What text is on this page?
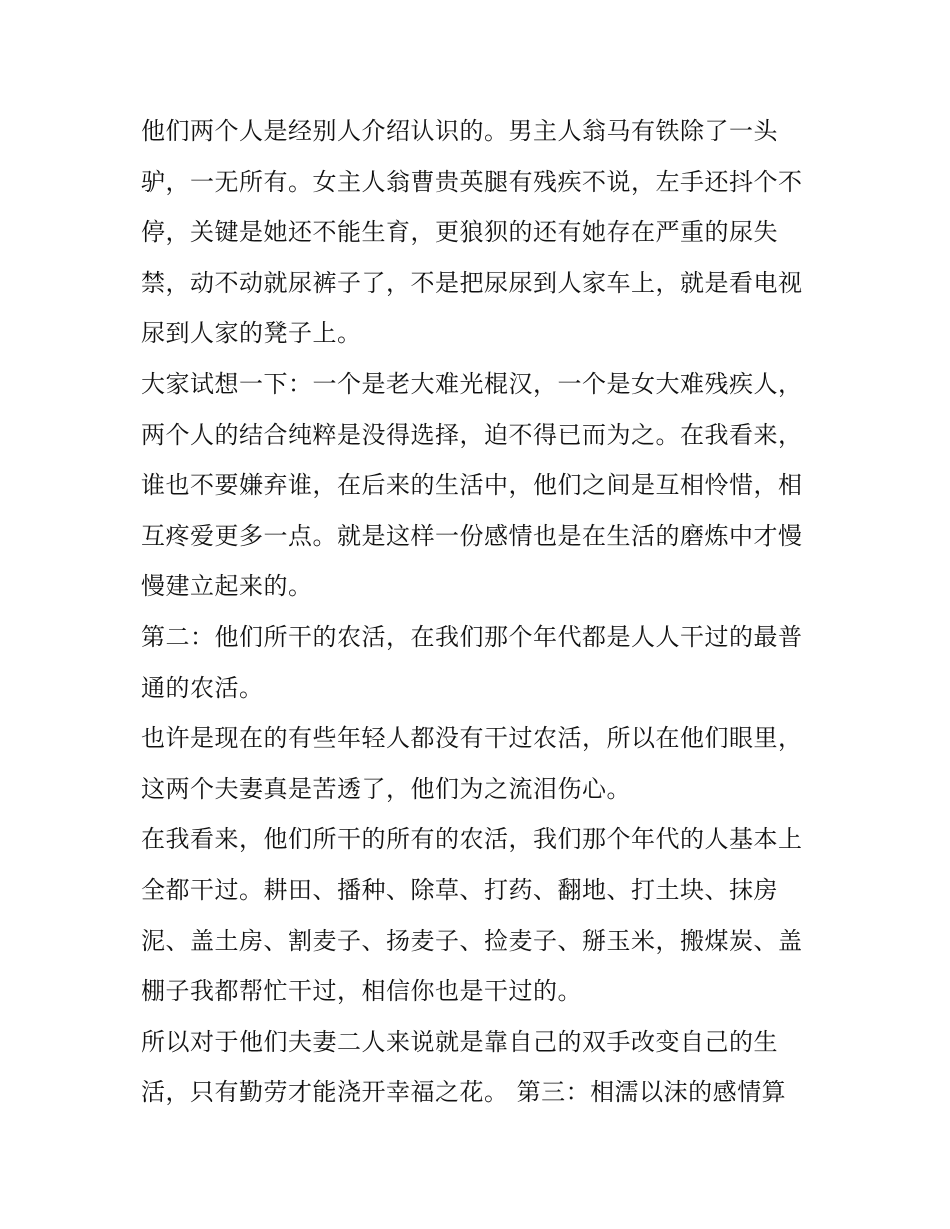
他们两个人是经别人介绍认识的。男主人翁马有铁除了一头
驴，一无所有。女主人翁曹贵英腿有残疾不说，左手还抖个不
停，关键是她还不能生育，更狼狈的还有她存在严重的尿失
禁，动不动就尿裤子了，不是把尿尿到人家车上，就是看电视
尿到人家的凳子上。

大家试想一下：一个是老大难光棍汉，一个是女大难残疾人，
两个人的结合纯粹是没得选择，迫不得已而为之。在我看来，
谁也不要嫌弃谁，在后来的生活中，他们之间是互相怜惜，相
互疼爱更多一点。就是这样一份感情也是在生活的磨炼中才慢
慢建立起来的。

第二：他们所干的农活，在我们那个年代都是人人干过的最普
通的农活。

也许是现在的有些年轻人都没有干过农活，所以在他们眼里，
这两个夫妻真是苦透了，他们为之流泪伤心。

在我看来，他们所干的所有的农活，我们那个年代的人基本上
全都干过。耕田、播种、除草、打药、翻地、打土块、抹房
泥、盖土房、割麦子、扬麦子、捡麦子、掰玉米，搬煤炭、盖
棚子我都帮忙干过，相信你也是干过的。

所以对于他们夫妻二人来说就是靠自己的双手改变自己的生
活，只有勤劳才能浇开幸福之花。 第三：相濡以沫的感情算
